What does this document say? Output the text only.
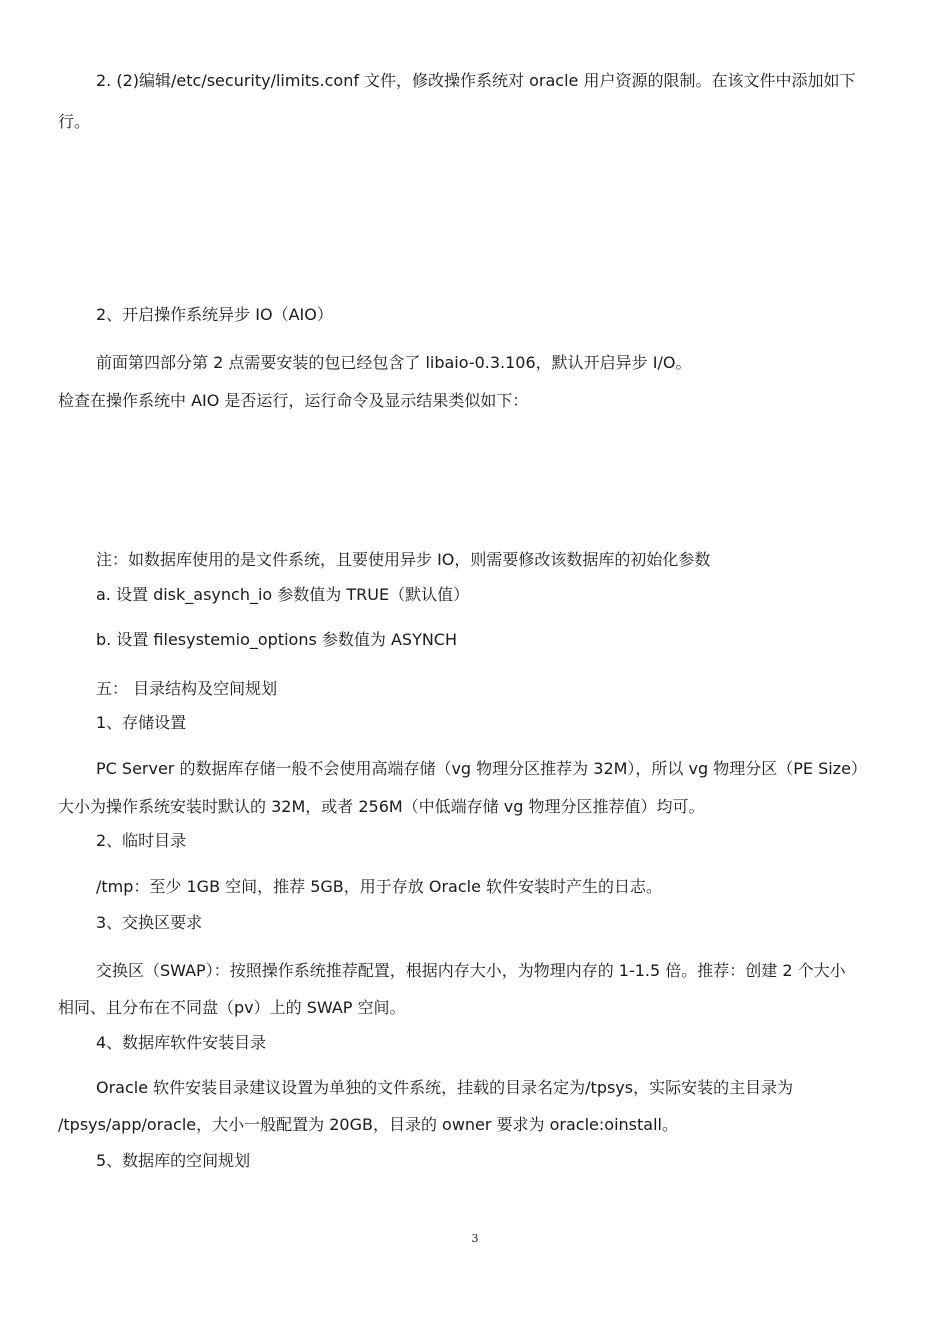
2. (2)编辑/etc/security/limits.conf 文件，修改操作系统对 oracle 用户资源的限制。在该文件中添加如下
行。
2、开启操作系统异步 IO（AIO）
前面第四部分第 2 点需要安装的包已经包含了 libaio-0.3.106，默认开启异步 I/O。
检查在操作系统中 AIO 是否运行，运行命令及显示结果类似如下：
注：如数据库使用的是文件系统，且要使用异步 IO，则需要修改该数据库的初始化参数
a. 设置 disk_asynch_io 参数值为 TRUE（默认值）
b. 设置 filesystemio_options 参数值为 ASYNCH
五： 目录结构及空间规划
1、存储设置
PC Server 的数据库存储一般不会使用高端存储（vg 物理分区推荐为 32M），所以 vg 物理分区（PE Size）
大小为操作系统安装时默认的 32M，或者 256M（中低端存储 vg 物理分区推荐值）均可。
2、临时目录
/tmp：至少 1GB 空间，推荐 5GB，用于存放 Oracle 软件安装时产生的日志。
3、交换区要求
交换区（SWAP）：按照操作系统推荐配置，根据内存大小，为物理内存的 1-1.5 倍。推荐：创建 2 个大小
相同、且分布在不同盘（pv）上的 SWAP 空间。
4、数据库软件安装目录
Oracle 软件安装目录建议设置为单独的文件系统，挂载的目录名定为/tpsys，实际安装的主目录为
/tpsys/app/oracle，大小一般配置为 20GB，目录的 owner 要求为 oracle:oinstall。
5、数据库的空间规划
3
